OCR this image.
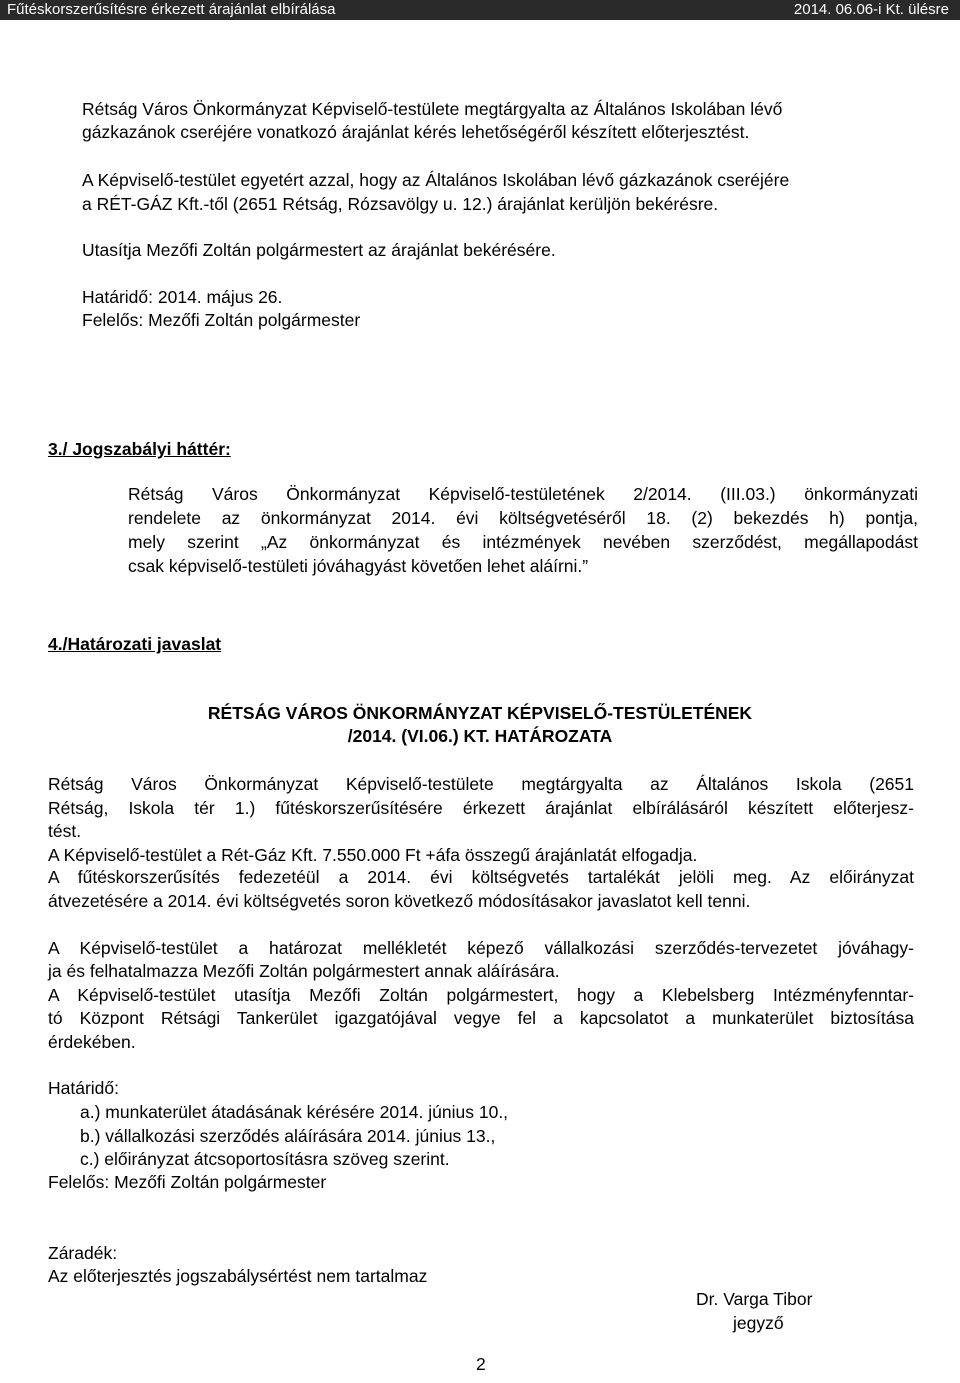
Fűtéskorszerűsítésre érkezett árajánlat elbírálása	2014. 06.06-i Kt. ülésre
Rétság Város Önkormányzat Képviselő-testülete megtárgyalta az Általános Iskolában lévő
gázkazánok cseréjére vonatkozó árajánlat kérés lehetőségéről készített előterjesztést.
A Képviselő-testület egyetért azzal, hogy az Általános Iskolában lévő gázkazánok cseréjére
a RÉT-GÁZ Kft.-től (2651 Rétság, Rózsavölgy u. 12.) árajánlat kerüljön bekérésre.
Utasítja Mezőfi Zoltán polgármestert az árajánlat bekérésére.
Határidő: 2014. május 26.
Felelős: Mezőfi Zoltán polgármester
3./ Jogszabályi háttér:
Rétság Város Önkormányzat Képviselő-testületének 2/2014. (III.03.) önkormányzati
rendelete az önkormányzat 2014. évi költségvetéséről 18. (2) bekezdés h) pontja,
mely szerint „Az önkormányzat és intézmények nevében szerződést, megállapodást
csak képviselő-testületi jóváhagyást követően lehet aláírni.”
4./Határozati javaslat
RÉTSÁG VÁROS ÖNKORMÁNYZAT KÉPVISELŐ-TESTÜLETÉNEK
/2014. (VI.06.) KT. HATÁROZATA
Rétság Város Önkormányzat Képviselő-testülete megtárgyalta az Általános Iskola (2651
Rétság, Iskola tér 1.) fűtéskorszerűsítésére érkezett árajánlat elbírálásáról készített előterjesz-
tést.
A Képviselő-testület a Rét-Gáz Kft. 7.550.000 Ft +áfa összegű árajánlatát elfogadja.
A fűtéskorszerűsítés fedezetéül a 2014. évi költségvetés tartalékát jelöli meg. Az előirányzat
átvezetésére a 2014. évi költségvetés soron következő módosításakor javaslatot kell tenni.
A Képviselő-testület a határozat mellékletét képező vállalkozási szerződés-tervezetet jóváhagy-
ja és felhatalmazza Mezőfi Zoltán polgármestert annak aláírására.
A Képviselő-testület utasítja Mezőfi Zoltán polgármestert, hogy a Klebelsberg Intézményfenntar-
tó Központ Rétsági Tankerület igazgatójával vegye fel a kapcsolatot a munkaterület biztosítása
érdekében.
Határidő:
a.) munkaterület átadásának kérésére 2014. június 10.,
b.) vállalkozási szerződés aláírására 2014. június 13.,
c.) előirányzat átcsoportosításra szöveg szerint.
Felelős: Mezőfi Zoltán polgármester
Záradék:
Az előterjesztés jogszabálysértést nem tartalmaz
Dr. Varga Tibor
jegyző
2
